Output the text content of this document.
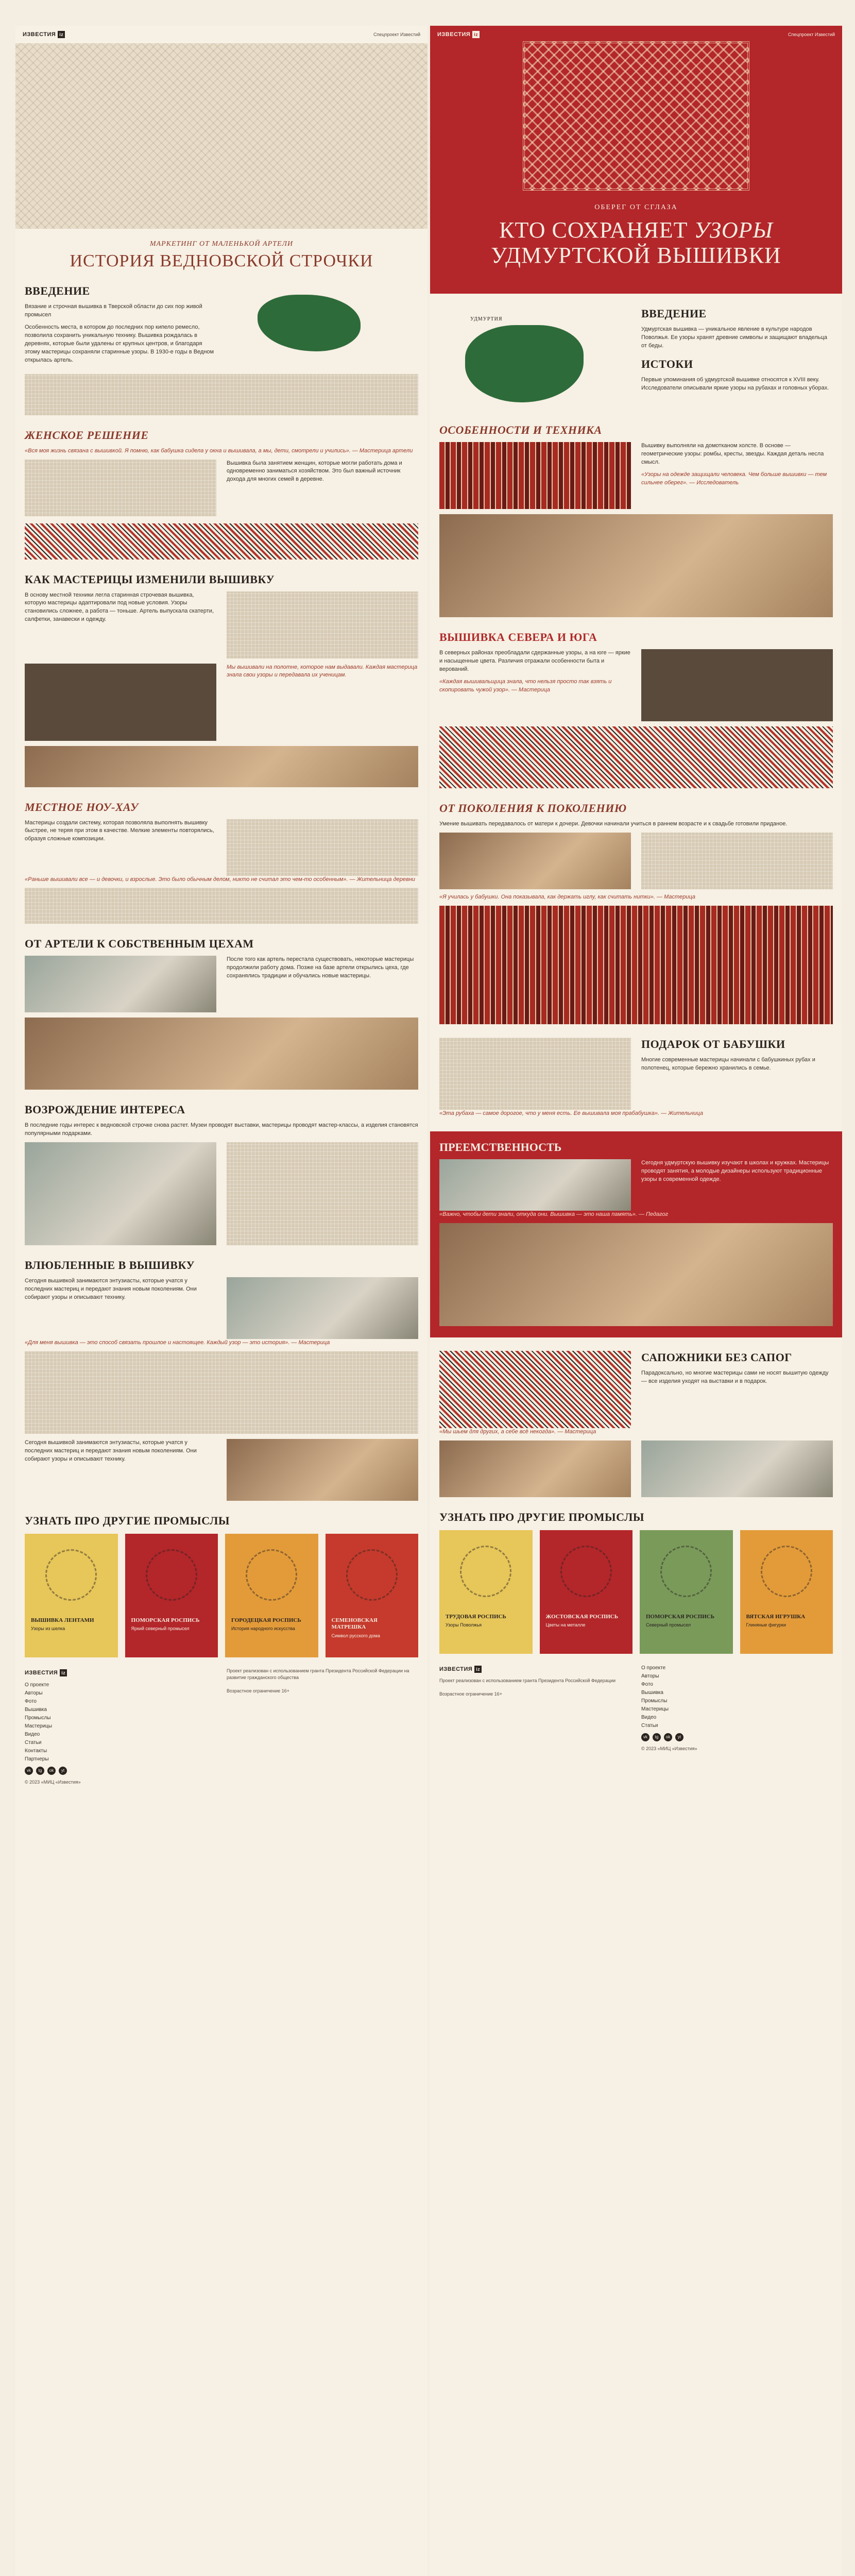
ИЗВЕСТИЯ iz	Спецпроект Известий
МАРКЕТИНГ ОТ МАЛЕНЬКОЙ АРТЕЛИ
ИСТОРИЯ ВЕДНОВСКОЙ СТРОЧКИ
ВВЕДЕНИЕ

Вязание и строчная вышивка в Тверской области до сих пор живой промысел

Особенность места, в котором до последних пор кипело ремесло, позволила сохранить уникальную технику. Вышивка рождалась в деревнях, которые были удалены от крупных центров, и благодаря этому мастерицы сохраняли старинные узоры. В 1930-е годы в Ведном открылась артель.

ЖЕНСКОЕ РЕШЕНИЕ

«Вся моя жизнь связана с вышивкой. Я помню, как бабушка сидела у окна и вышивала, а мы, дети, смотрели и учились». — Мастерица артели

Вышивка была занятием женщин, которые могли работать дома и одновременно заниматься хозяйством. Это был важный источник дохода для многих семей в деревне.

КАК МАСТЕРИЦЫ ИЗМЕНИЛИ ВЫШИВКУ

В основу местной техники легла старинная строчевая вышивка, которую мастерицы адаптировали под новые условия. Узоры становились сложнее, а работа — тоньше. Артель выпускала скатерти, салфетки, занавески и одежду.

Мы вышивали на полотне, которое нам выдавали. Каждая мастерица знала свои узоры и передавала их ученицам.

МЕСТНОЕ НОУ-ХАУ

Мастерицы создали систему, которая позволяла выполнять вышивку быстрее, не теряя при этом в качестве. Мелкие элементы повторялись, образуя сложные композиции.

«Раньше вышивали все — и девочки, и взрослые. Это было обычным делом, никто не считал это чем-то особенным». — Жительница деревни

ОТ АРТЕЛИ К СОБСТВЕННЫМ ЦЕХАМ

После того как артель перестала существовать, некоторые мастерицы продолжили работу дома. Позже на базе артели открылись цеха, где сохранялись традиции и обучались новые мастерицы.

ВОЗРОЖДЕНИЕ ИНТЕРЕСА

В последние годы интерес к ведновской строчке снова растет. Музеи проводят выставки, мастерицы проводят мастер-классы, а изделия становятся популярными подарками.

ВЛЮБЛЕННЫЕ В ВЫШИВКУ

Сегодня вышивкой занимаются энтузиасты, которые учатся у последних мастериц и передают знания новым поколениям. Они собирают узоры и описывают технику.

«Для меня вышивка — это способ связать прошлое и настоящее. Каждый узор — это история». — Мастерица

Сегодня вышивкой занимаются энтузиасты, которые учатся у последних мастериц и передают знания новым поколениям. Они собирают узоры и описывают технику.

УЗНАТЬ ПРО ДРУГИЕ ПРОМЫСЛЫ
ВЫШИВКА ЛЕНТАМИ
Узоры из шелка
ПОМОРСКАЯ РОСПИСЬ
Яркий северный промысел
ГОРОДЕЦКАЯ РОСПИСЬ
История народного искусства
СЕМЕНОВСКАЯ МАТРЕШКА
Символ русского дома
ИЗВЕСТИЯ iz
О проекте
Авторы
Фото
Вышивка
Промыслы
Мастерицы
Видео
Статьи
Контакты
Партнеры
vk	tg	ok	yt
© 2023 «МИЦ «Известия»
Проект реализован с использованием гранта Президента Российской Федерации на развитие гражданского общества
Возрастное ограничение 16+
ИЗВЕСТИЯ iz	Спецпроект Известий
ОБЕРЕГ ОТ СГЛАЗА
КТО СОХРАНЯЕТ УЗОРЫ
УДМУРТСКОЙ ВЫШИВКИ
УДМУРТИЯ	ВВЕДЕНИЕ

Удмуртская вышивка — уникальное явление в культуре народов Поволжья. Ее узоры хранят древние символы и защищают владельца от беды.

ИСТОКИ

Первые упоминания об удмуртской вышивке относятся к XVIII веку. Исследователи описывали яркие узоры на рубахах и головных уборах.

ОСОБЕННОСТИ И ТЕХНИКА

Вышивку выполняли на домотканом холсте. В основе — геометрические узоры: ромбы, кресты, звезды. Каждая деталь несла смысл.

«Узоры на одежде защищали человека. Чем больше вышивки — тем сильнее оберег». — Исследователь

ВЫШИВКА СЕВЕРА И ЮГА

В северных районах преобладали сдержанные узоры, а на юге — яркие и насыщенные цвета. Различия отражали особенности быта и верований.

«Каждая вышивальщица знала, что нельзя просто так взять и скопировать чужой узор». — Мастерица

ОТ ПОКОЛЕНИЯ К ПОКОЛЕНИЮ

Умение вышивать передавалось от матери к дочери. Девочки начинали учиться в раннем возрасте и к свадьбе готовили приданое.

«Я училась у бабушки. Она показывала, как держать иглу, как считать нитки». — Мастерица

ПОДАРОК ОТ БАБУШКИ

Многие современные мастерицы начинали с бабушкиных рубах и полотенец, которые бережно хранились в семье.

«Эта рубаха — самое дорогое, что у меня есть. Ее вышивала моя прабабушка». — Жительница

ПРЕЕМСТВЕННОСТЬ

Сегодня удмуртскую вышивку изучают в школах и кружках. Мастерицы проводят занятия, а молодые дизайнеры используют традиционные узоры в современной одежде.

«Важно, чтобы дети знали, откуда они. Вышивка — это наша память». — Педагог

САПОЖНИКИ БЕЗ САПОГ

Парадоксально, но многие мастерицы сами не носят вышитую одежду — все изделия уходят на выставки и в подарок.

«Мы шьем для других, а себе всё некогда». — Мастерица

УЗНАТЬ ПРО ДРУГИЕ ПРОМЫСЛЫ
ТРУДОВАЯ РОСПИСЬ
Узоры Поволжья
ЖОСТОВСКАЯ РОСПИСЬ
Цветы на металле
ПОМОРСКАЯ РОСПИСЬ
Северный промысел
ВЯТСКАЯ ИГРУШКА
Глиняные фигурки
ИЗВЕСТИЯ iz
Проект реализован с использованием гранта Президента Российской Федерации
Возрастное ограничение 16+
О проекте
Авторы
Фото
Вышивка
Промыслы
Мастерицы
Видео
Статьи
vk	tg	ok	yt
© 2023 «МИЦ «Известия»
